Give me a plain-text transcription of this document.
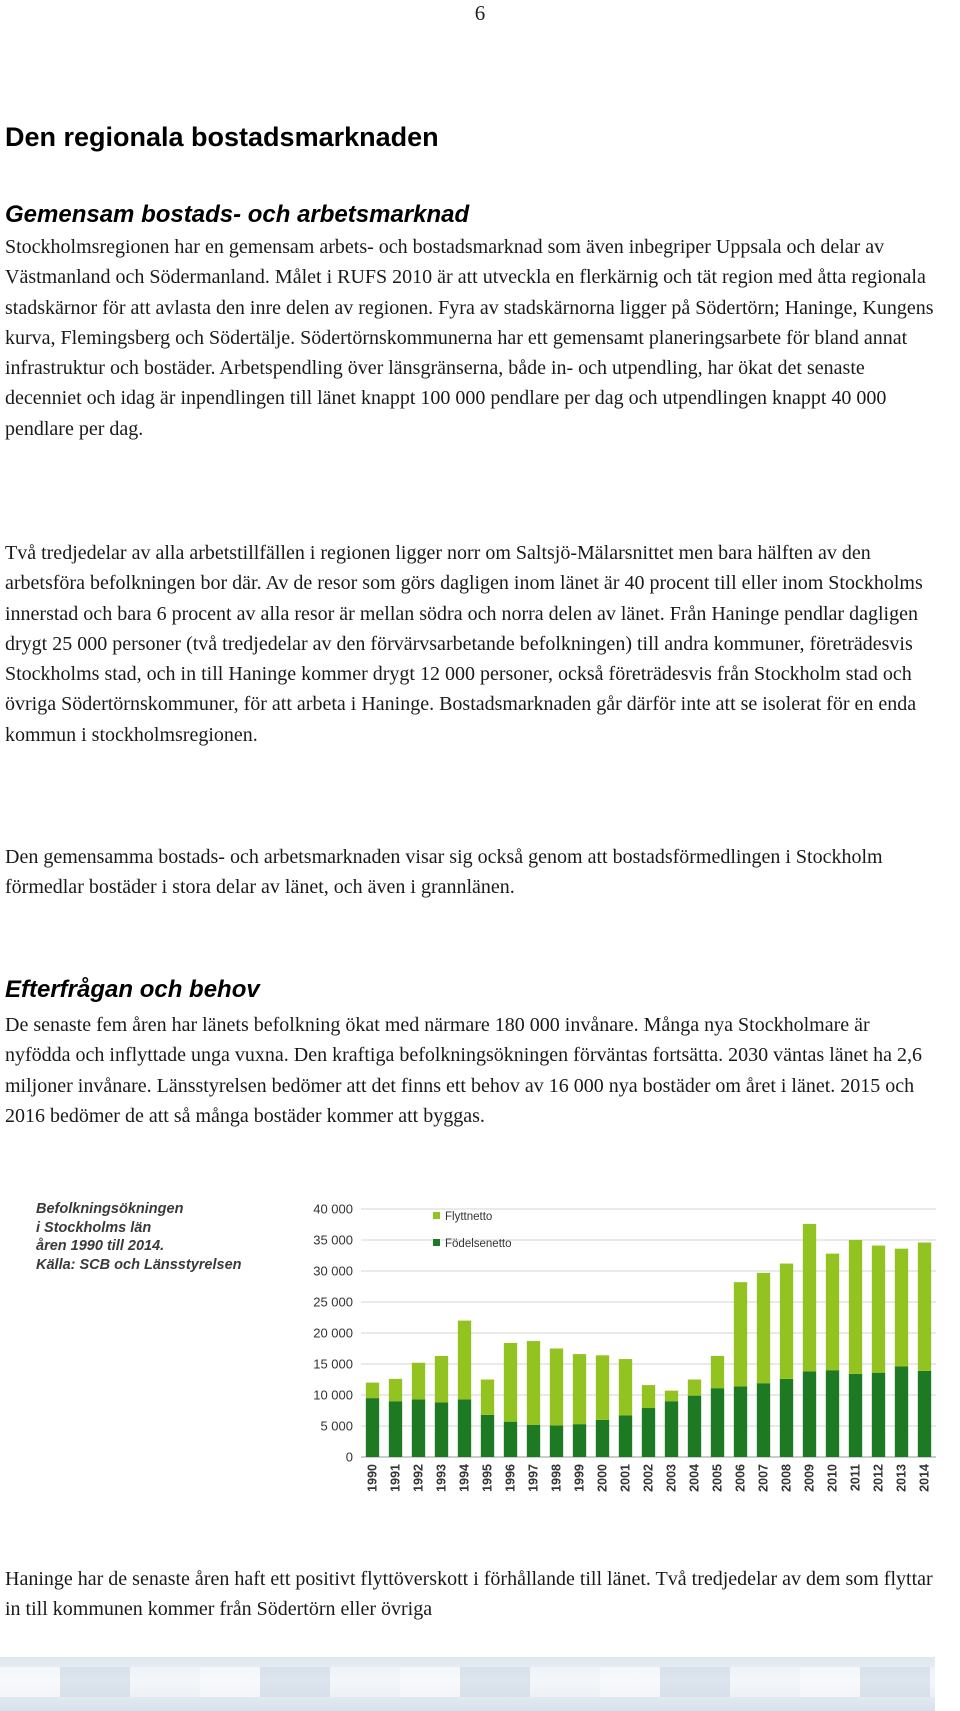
6
Den regionala bostadsmarknaden
Gemensam bostads- och arbetsmarknad

Stockholmsregionen har en gemensam arbets- och bostadsmarknad som även inbegriper Uppsala och delar av Västmanland och Södermanland. Målet i RUFS 2010 är att utveckla en flerkärnig och tät region med åtta regionala stadskärnor för att avlasta den inre delen av regionen. Fyra av stadskärnorna ligger på Södertörn; Haninge, Kungens kurva, Flemingsberg och Södertälje. Södertörnskommunerna har ett gemensamt planeringsarbete för bland annat infrastruktur och bostäder. Arbetspendling över länsgränserna, både in- och utpendling, har ökat det senaste decenniet och idag är inpendlingen till länet knappt 100 000 pendlare per dag och utpendlingen knappt 40 000 pendlare per dag.

Två tredjedelar av alla arbetstillfällen i regionen ligger norr om Saltsjö-Mälarsnittet men bara hälften av den arbetsföra befolkningen bor där. Av de resor som görs dagligen inom länet är 40 procent till eller inom Stockholms innerstad och bara 6 procent av alla resor är mellan södra och norra delen av länet. Från Haninge pendlar dagligen drygt 25 000 personer (två tredjedelar av den förvärvsarbetande befolkningen) till andra kommuner, företrädesvis Stockholms stad, och in till Haninge kommer drygt 12 000 personer, också företrädesvis från Stockholm stad och övriga Södertörnskommuner, för att arbeta i Haninge. Bostadsmarknaden går därför inte att se isolerat för en enda kommun i stockholmsregionen.

Den gemensamma bostads- och arbetsmarknaden visar sig också genom att bostadsförmedlingen i Stockholm förmedlar bostäder i stora delar av länet, och även i grannlänen.

Efterfrågan och behov

De senaste fem åren har länets befolkning ökat med närmare 180 000 invånare. Många nya Stockholmare är nyfödda och inflyttade unga vuxna. Den kraftiga befolkningsökningen förväntas fortsätta. 2030 väntas länet ha 2,6 miljoner invånare. Länsstyrelsen bedömer att det finns ett behov av 16 000 nya bostäder om året i länet. 2015 och 2016 bedömer de att så många bostäder kommer att byggas.

Befolkningsökningen
i Stockholms län
åren 1990 till 2014.
Källa: SCB och Länsstyrelsen
0
5 000
10 000
15 000
20 000
25 000
30 000
35 000
40 000
1990 1991 1992 1993 1994 1995 1996 1997 1998 1999 2000 2001 2002 2003 2004 2005 2006 2007 2008 2009 2010 2011 2012 2013 2014
Flyttnetto
Födelsenetto

Haninge har de senaste åren haft ett positivt flyttöverskott i förhållande till länet. Två tredjedelar av dem som flyttar in till kommunen kommer från Södertörn eller övriga
